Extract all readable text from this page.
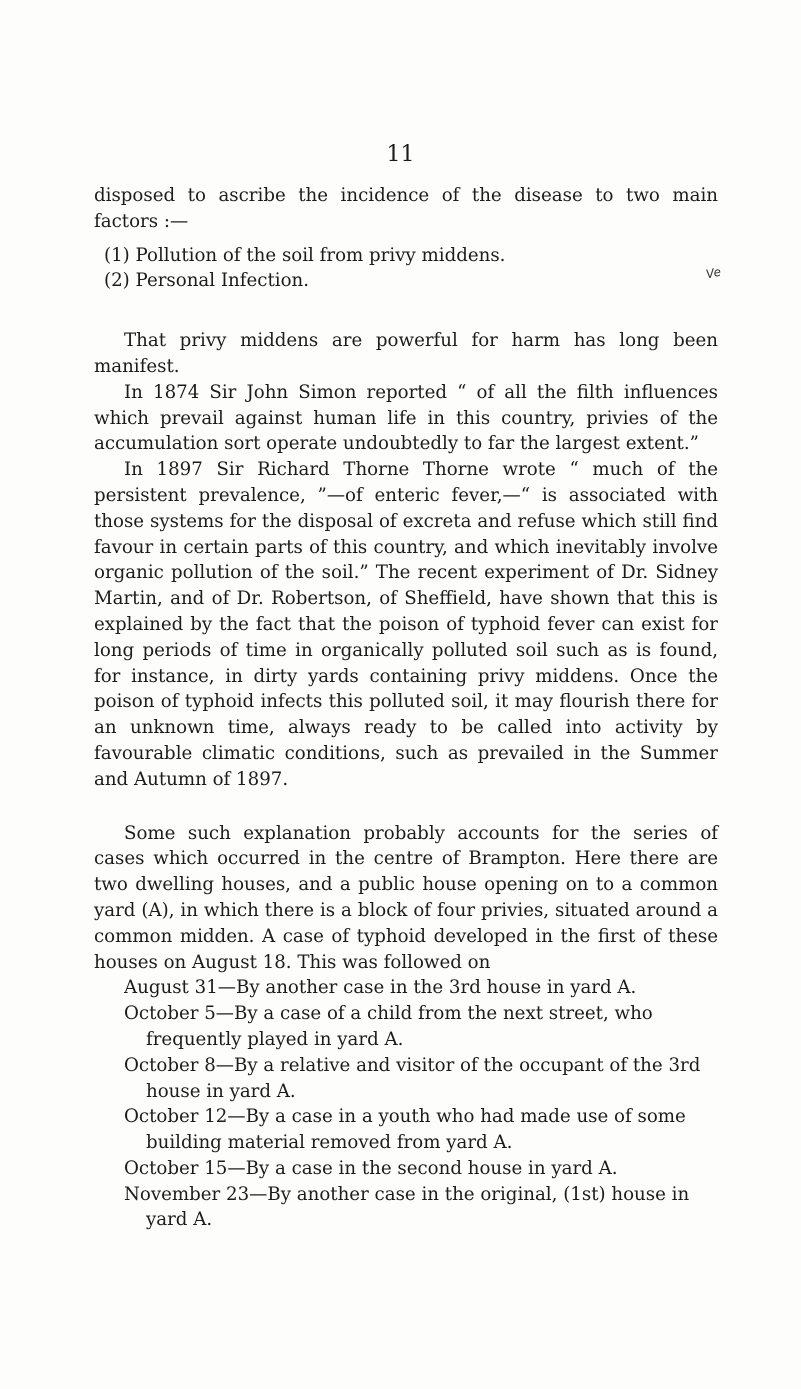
11
Ve

disposed to ascribe the incidence of the disease to two main factors :—

(1) Pollution of the soil from privy middens.
(2) Personal Infection.

That privy middens are powerful for harm has long been manifest.

In 1874 Sir John Simon reported “ of all the filth influences which prevail against human life in this country, privies of the accumulation sort operate undoubtedly to far the largest extent.”

In 1897 Sir Richard Thorne Thorne wrote “ much of the persistent prevalence, ”—of enteric fever,—“ is associated with those systems for the disposal of excreta and refuse which still find favour in certain parts of this country, and which inevitably involve organic pollution of the soil.” The recent experiment of Dr. Sidney Martin, and of Dr. Robertson, of Sheffield, have shown that this is explained by the fact that the poison of typhoid fever can exist for long periods of time in organically polluted soil such as is found, for instance, in dirty yards containing privy middens. Once the poison of typhoid infects this polluted soil, it may flourish there for an unknown time, always ready to be called into activity by favourable climatic conditions, such as prevailed in the Summer and Autumn of 1897.

Some such explanation probably accounts for the series of cases which occurred in the centre of Brampton. Here there are two dwelling houses, and a public house opening on to a common yard (A), in which there is a block of four privies, situated around a common midden. A case of typhoid developed in the first of these houses on August 18. This was followed on

August 31—By another case in the 3rd house in yard A.
October 5—By a case of a child from the next street, who frequently played in yard A.
October 8—By a relative and visitor of the occupant of the 3rd house in yard A.
October 12—By a case in a youth who had made use of some building material removed from yard A.
October 15—By a case in the second house in yard A.
November 23—By another case in the original, (1st) house in yard A.
